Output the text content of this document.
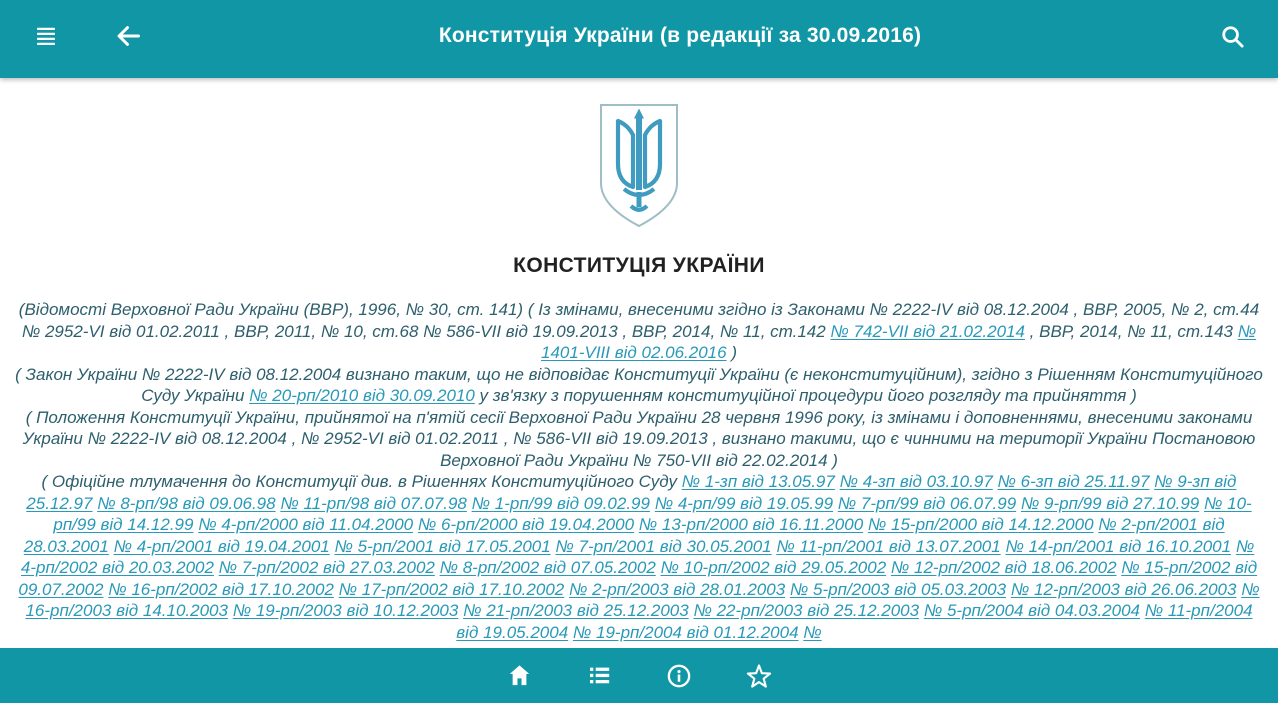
Конституція України (в редакції за 30.09.2016)
КОНСТИТУЦІЯ УКРАЇНИ

(Відомості Верховної Ради України (ВВР), 1996, № 30, ст. 141) ( Із змінами, внесеними згідно із Законами № 2222-IV від 08.12.2004 , ВВР, 2005, № 2, ст.44 № 2952-VI від 01.02.2011 , ВВР, 2011, № 10, ст.68 № 586-VII від 19.09.2013 , ВВР, 2014, № 11, ст.142 № 742-VII від 21.02.2014 , ВВР, 2014, № 11, ст.143 № 1401-VIII від 02.06.2016 )

( Закон України № 2222-IV від 08.12.2004 визнано таким, що не відповідає Конституції України (є неконституційним), згідно з Рішенням Конституційного Суду України № 20-рп/2010 від 30.09.2010 у зв'язку з порушенням конституційної процедури його розгляду та прийняття )

( Положення Конституції України, прийнятої на п'ятій сесії Верховної Ради України 28 червня 1996 року, із змінами і доповненнями, внесеними законами України № 2222-IV від 08.12.2004 , № 2952-VI від 01.02.2011 , № 586-VII від 19.09.2013 , визнано такими, що є чинними на території України Постановою Верховної Ради України № 750-VII від 22.02.2014 )

( Офіційне тлумачення до Конституції див. в Рішеннях Конституційного Суду № 1-зп від 13.05.97 № 4-зп від 03.10.97 № 6-зп від 25.11.97 № 9-зп від 25.12.97 № 8-рп/98 від 09.06.98 № 11-рп/98 від 07.07.98 № 1-рп/99 від 09.02.99 № 4-рп/99 від 19.05.99 № 7-рп/99 від 06.07.99 № 9-рп/99 від 27.10.99 № 10-рп/99 від 14.12.99 № 4-рп/2000 від 11.04.2000 № 6-рп/2000 від 19.04.2000 № 13-рп/2000 від 16.11.2000 № 15-рп/2000 від 14.12.2000 № 2-рп/2001 від 28.03.2001 № 4-рп/2001 від 19.04.2001 № 5-рп/2001 від 17.05.2001 № 7-рп/2001 від 30.05.2001 № 11-рп/2001 від 13.07.2001 № 14-рп/2001 від 16.10.2001 № 4-рп/2002 від 20.03.2002 № 7-рп/2002 від 27.03.2002 № 8-рп/2002 від 07.05.2002 № 10-рп/2002 від 29.05.2002 № 12-рп/2002 від 18.06.2002 № 15-рп/2002 від 09.07.2002 № 16-рп/2002 від 17.10.2002 № 17-рп/2002 від 17.10.2002 № 2-рп/2003 від 28.01.2003 № 5-рп/2003 від 05.03.2003 № 12-рп/2003 від 26.06.2003 № 16-рп/2003 від 14.10.2003 № 19-рп/2003 від 10.12.2003 № 21-рп/2003 від 25.12.2003 № 22-рп/2003 від 25.12.2003 № 5-рп/2004 від 04.03.2004 № 11-рп/2004 від 19.05.2004 № 19-рп/2004 від 01.12.2004 №
